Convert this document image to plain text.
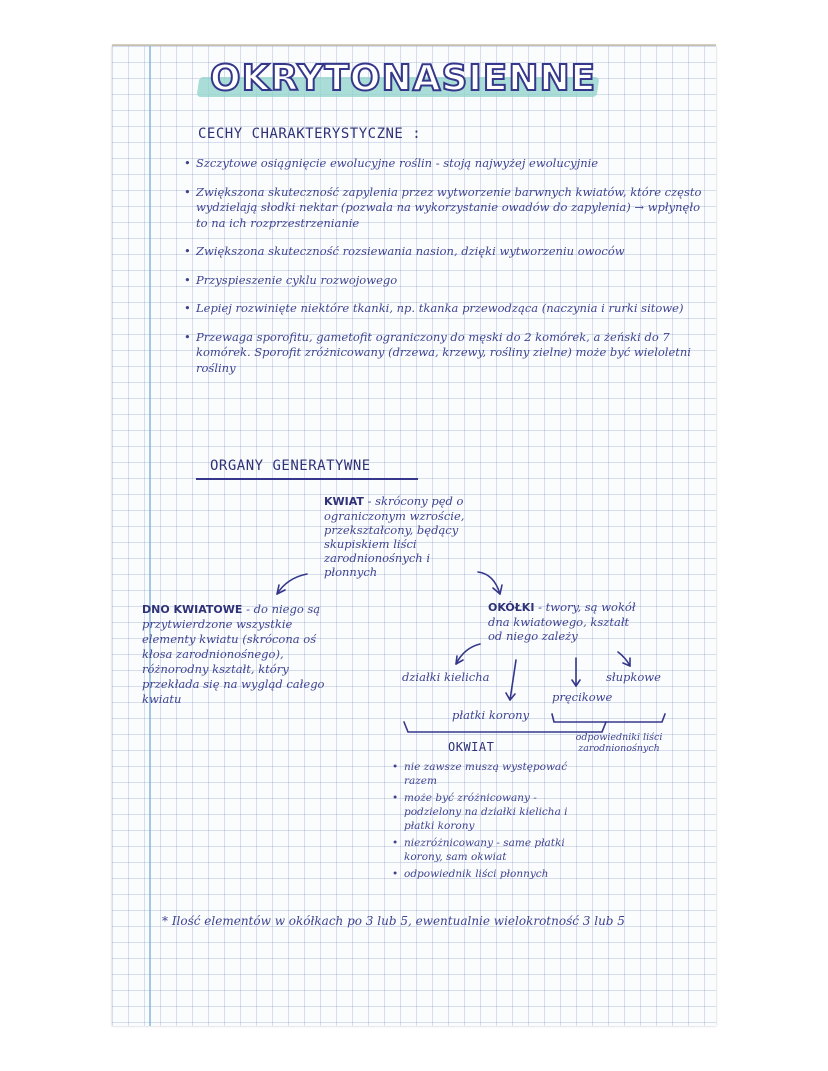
OKRYTONASIENNE
CECHY CHARAKTERYSTYCZNE :
• Szczytowe osiągnięcie ewolucyjne roślin - stoją najwyżej ewolucyjnie
• Zwiększona skuteczność zapylenia przez wytworzenie barwnych kwiatów, które często wydzielają słodki nektar (pozwala na wykorzystanie owadów do zapylenia) → wpłynęło to na ich rozprzestrzenianie
• Zwiększona skuteczność rozsiewania nasion, dzięki wytworzeniu owoców
• Przyspieszenie cyklu rozwojowego
• Lepiej rozwinięte niektóre tkanki, np. tkanka przewodząca (naczynia i rurki sitowe)
• Przewaga sporofitu, gametofit ograniczony do męski do 2 komórek, a żeński do 7 komórek. Sporofit zróżnicowany (drzewa, krzewy, rośliny zielne) może być wieloletni rośliny
ORGANY GENERATYWNE
KWIAT - skrócony pęd o ograniczonym wzroście, przekształcony, będący skupiskiem liści zarodnionośnych i płonnych
DNO KWIATOWE - do niego są przytwierdzone wszystkie elementy kwiatu (skrócona oś kłosa zarodnionośnego), różnorodny kształt, który przekłada się na wygląd całego kwiatu
OKÓŁKI - twory, są wokół dna kwiatowego, kształt od niego zależy
działki kielicha
płatki korony
pręcikowe
słupkowe
odpowiedniki liści zarodnionośnych
OKWIAT
• nie zawsze muszą występować razem
• może być zróżnicowany - podzielony na działki kielicha i płatki korony
• niezróżnicowany - same płatki korony, sam okwiat
• odpowiednik liści płonnych
* Ilość elementów w okółkach po 3 lub 5, ewentualnie wielokrotność 3 lub 5
